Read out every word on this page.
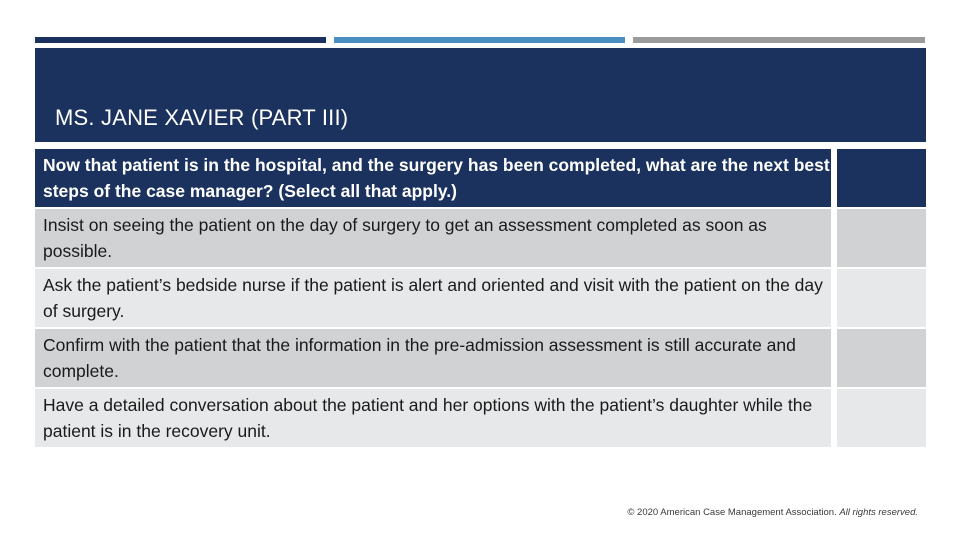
MS. JANE XAVIER (PART III)
Now that patient is in the hospital, and the surgery has been completed, what are the next best steps of the case manager? (Select all that apply.)		
Insist on seeing the patient on the day of surgery to get an assessment completed as soon as possible.		
Ask the patient’s bedside nurse if the patient is alert and oriented and visit with the patient on the day of surgery.		
Confirm with the patient that the information in the pre-admission assessment is still accurate and complete.		
Have a detailed conversation about the patient and her options with the patient’s daughter while the patient is in the recovery unit.		
© 2020 American Case Management Association. All rights reserved.
